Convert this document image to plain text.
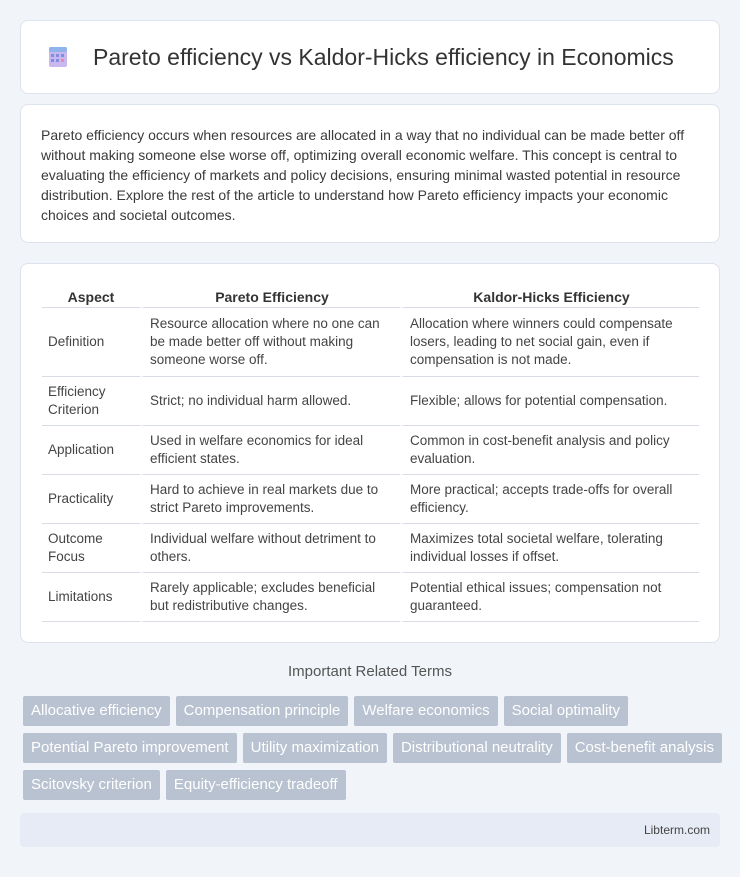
Pareto efficiency vs Kaldor-Hicks efficiency in Economics

Pareto efficiency occurs when resources are allocated in a way that no individual can be made better off without making someone else worse off, optimizing overall economic welfare. This concept is central to evaluating the efficiency of markets and policy decisions, ensuring minimal wasted potential in resource distribution. Explore the rest of the article to understand how Pareto efficiency impacts your economic choices and societal outcomes.

Aspect	Pareto Efficiency	Kaldor-Hicks Efficiency
Definition	Resource allocation where no one can be made better off without making someone worse off.	Allocation where winners could compensate losers, leading to net social gain, even if compensation is not made.
Efficiency Criterion	Strict; no individual harm allowed.	Flexible; allows for potential compensation.
Application	Used in welfare economics for ideal efficient states.	Common in cost-benefit analysis and policy evaluation.
Practicality	Hard to achieve in real markets due to strict Pareto improvements.	More practical; accepts trade-offs for overall efficiency.
Outcome Focus	Individual welfare without detriment to others.	Maximizes total societal welfare, tolerating individual losses if offset.
Limitations	Rarely applicable; excludes beneficial but redistributive changes.	Potential ethical issues; compensation not guaranteed.
Important Related Terms
Allocative efficiency	Compensation principle	Welfare economics	Social optimality
Potential Pareto improvement	Utility maximization	Distributional neutrality	Cost-benefit analysis
Scitovsky criterion	Equity-efficiency tradeoff
Libterm.com
